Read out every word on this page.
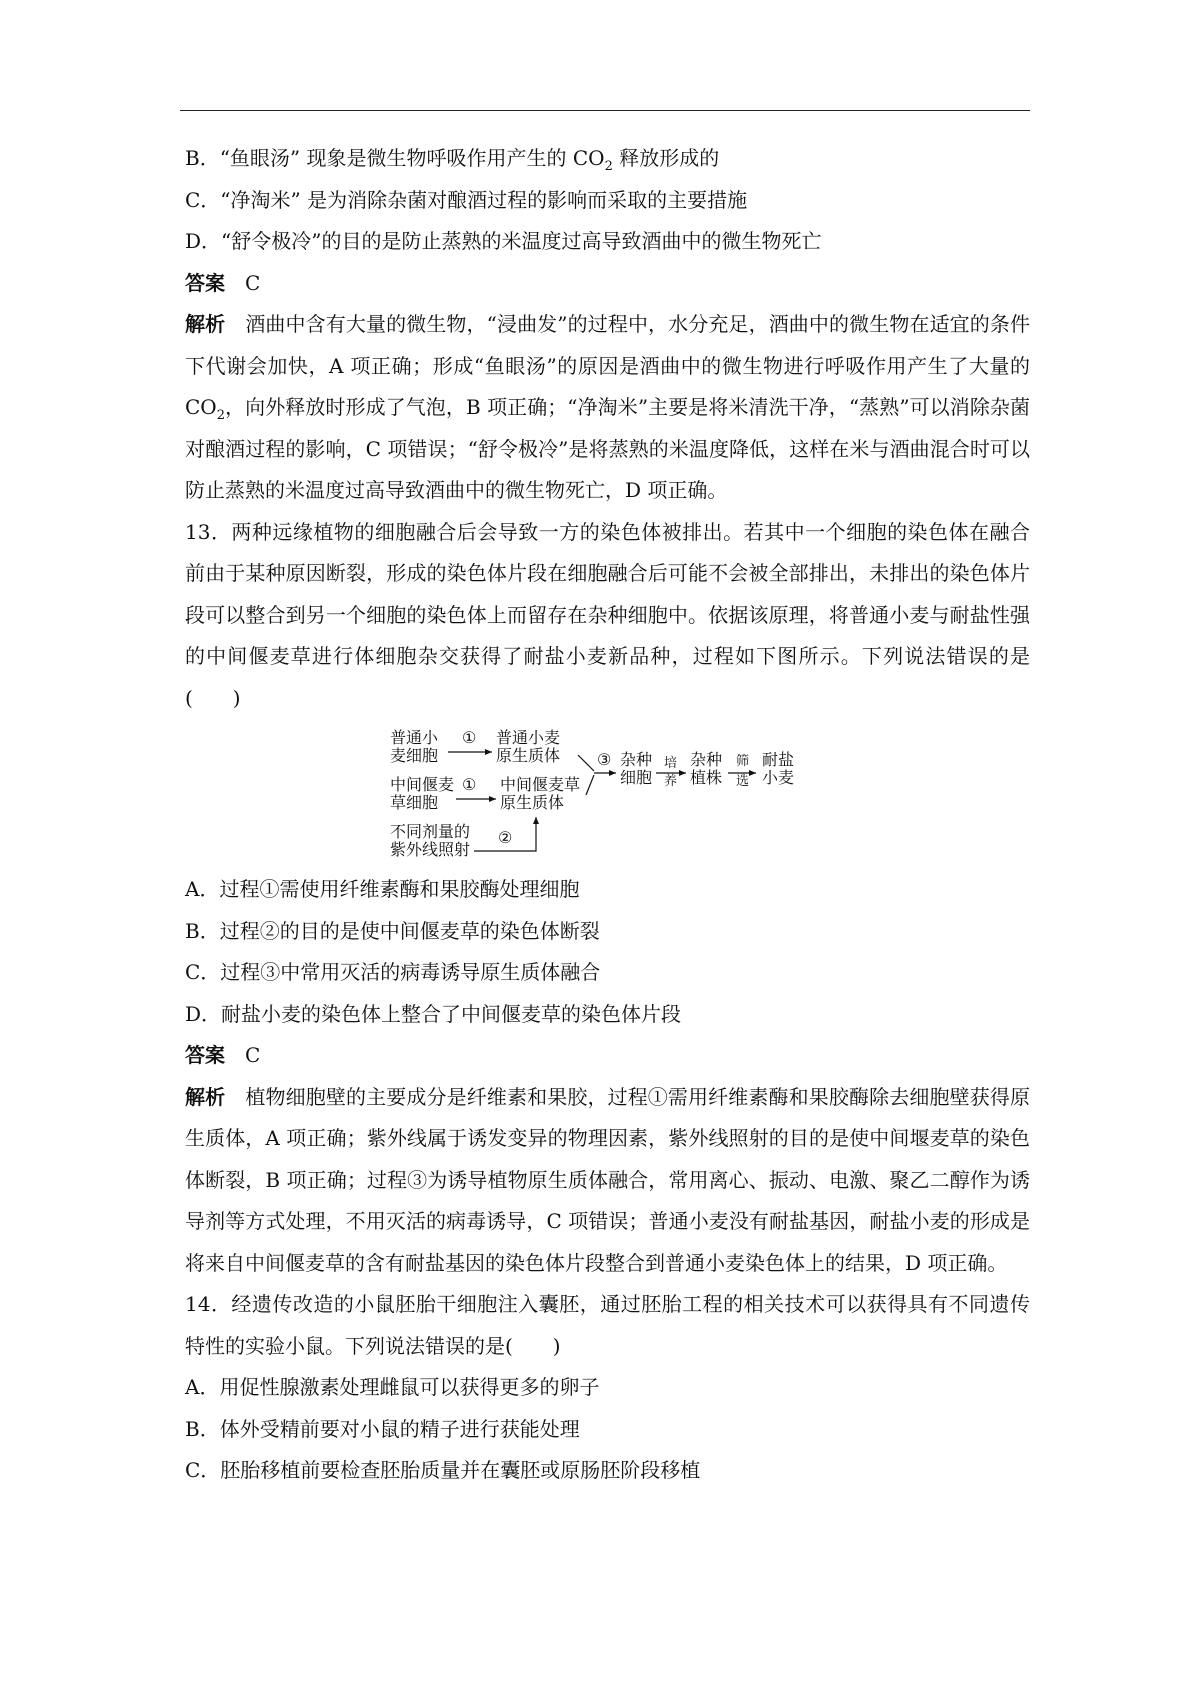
B．“鱼眼汤” 现象是微生物呼吸作用产生的 $CO_2$ 释放形成的
C．“净淘米” 是为消除杂菌对酿酒过程的影响而采取的主要措施
D．“舒令极冷”的目的是防止蒸熟的米温度过高导致酒曲中的微生物死亡
答案 C
解析 酒曲中含有大量的微生物，“浸曲发”的过程中，水分充足，酒曲中的微生物在适宜的条件下代谢会加快，A 项正确；形成“鱼眼汤”的原因是酒曲中的微生物进行呼吸作用产生了大量的 $CO_2$，向外释放时形成了气泡，B 项正确；“净淘米”主要是将米清洗干净，“蒸熟”可以消除杂菌对酿酒过程的影响，C 项错误；“舒令极冷”是将蒸熟的米温度降低，这样在米与酒曲混合时可以防止蒸熟的米温度过高导致酒曲中的微生物死亡，D 项正确。
13．两种远缘植物的细胞融合后会导致一方的染色体被排出。若其中一个细胞的染色体在融合前由于某种原因断裂，形成的染色体片段在细胞融合后可能不会被全部排出，未排出的染色体片段可以整合到另一个细胞的染色体上而留存在杂种细胞中。依据该原理，将普通小麦与耐盐性强的中间偃麦草进行体细胞杂交获得了耐盐小麦新品种，过程如下图所示。下列说法错误的是(　　)
普通小
麦细胞
① 普通小麦
原生质体
中间偃麦
草细胞
① 中间偃麦草
原生质体
不同剂量的
紫外线照射
②
③ 杂种
细胞
培
养
杂种
植株
筛
选
耐盐
小麦
A．过程①需使用纤维素酶和果胶酶处理细胞
B．过程②的目的是使中间偃麦草的染色体断裂
C．过程③中常用灭活的病毒诱导原生质体融合
D．耐盐小麦的染色体上整合了中间偃麦草的染色体片段
答案 C
解析 植物细胞壁的主要成分是纤维素和果胶，过程①需用纤维素酶和果胶酶除去细胞壁获得原生质体，A 项正确；紫外线属于诱发变异的物理因素，紫外线照射的目的是使中间堰麦草的染色体断裂，B 项正确；过程③为诱导植物原生质体融合，常用离心、振动、电激、聚乙二醇作为诱导剂等方式处理，不用灭活的病毒诱导，C 项错误；普通小麦没有耐盐基因，耐盐小麦的形成是将来自中间偃麦草的含有耐盐基因的染色体片段整合到普通小麦染色体上的结果，D 项正确。
14．经遗传改造的小鼠胚胎干细胞注入囊胚，通过胚胎工程的相关技术可以获得具有不同遗传特性的实验小鼠。下列说法错误的是(　　)
A．用促性腺激素处理雌鼠可以获得更多的卵子
B．体外受精前要对小鼠的精子进行获能处理
C．胚胎移植前要检查胚胎质量并在囊胚或原肠胚阶段移植
